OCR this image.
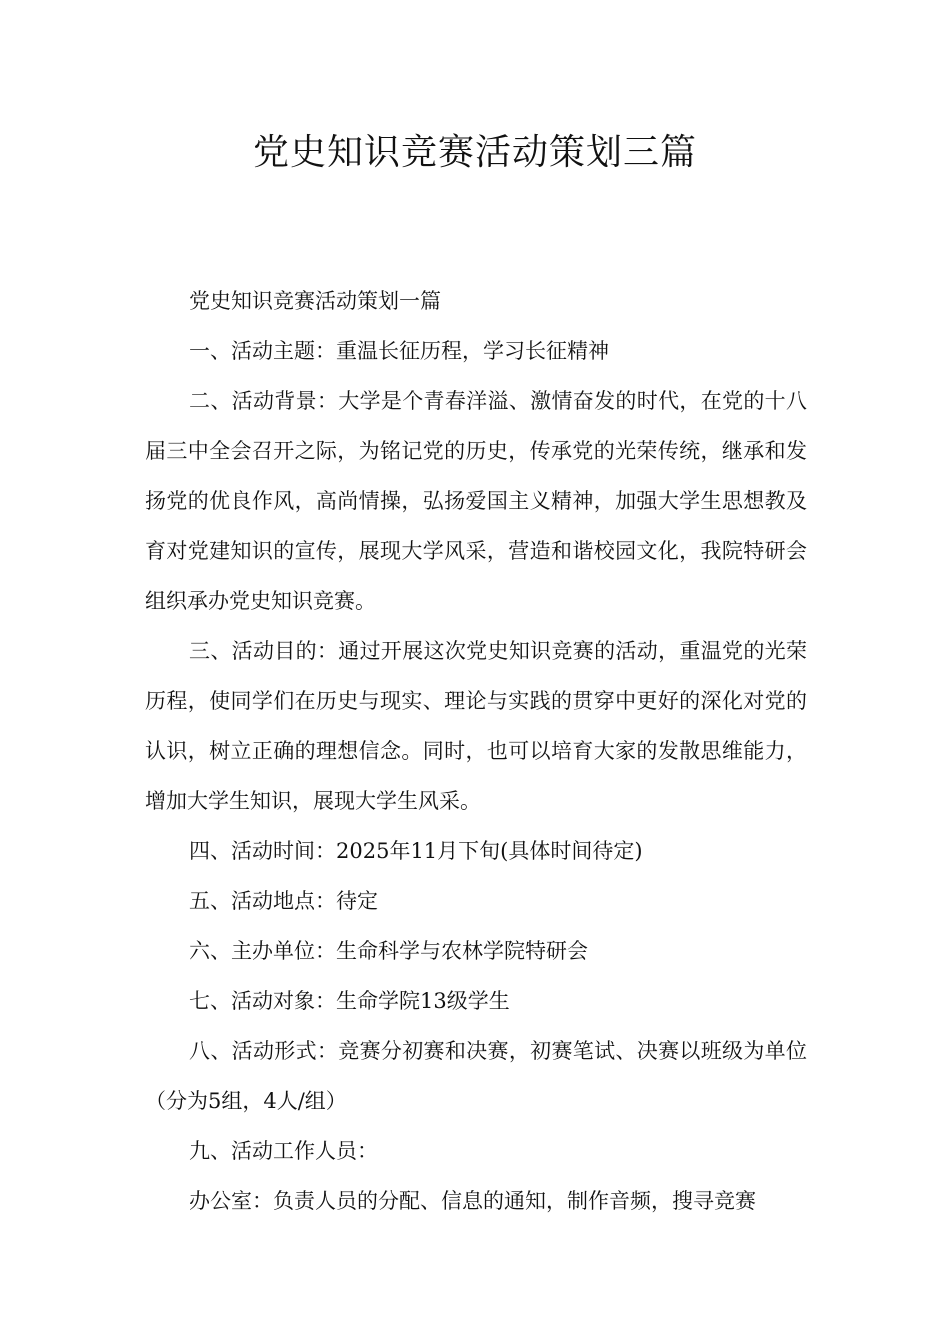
党史知识竞赛活动策划三篇

党史知识竞赛活动策划一篇

一、活动主题：重温长征历程，学习长征精神

二、活动背景：大学是个青春洋溢、激情奋发的时代，在党的十八届三中全会召开之际，为铭记党的历史，传承党的光荣传统，继承和发扬党的优良作风，高尚情操，弘扬爱国主义精神，加强大学生思想教及育对党建知识的宣传，展现大学风采，营造和谐校园文化，我院特研会组织承办党史知识竞赛。

三、活动目的：通过开展这次党史知识竞赛的活动，重温党的光荣历程，使同学们在历史与现实、理论与实践的贯穿中更好的深化对党的认识，树立正确的理想信念。同时，也可以培育大家的发散思维能力，增加大学生知识，展现大学生风采。

四、活动时间：2025年11月下旬(具体时间待定)

五、活动地点：待定

六、主办单位：生命科学与农林学院特研会

七、活动对象：生命学院13级学生

八、活动形式：竞赛分初赛和决赛，初赛笔试、决赛以班级为单位（分为5组，4人/组）

九、活动工作人员：

办公室：负责人员的分配、信息的通知，制作音频，搜寻竞赛
